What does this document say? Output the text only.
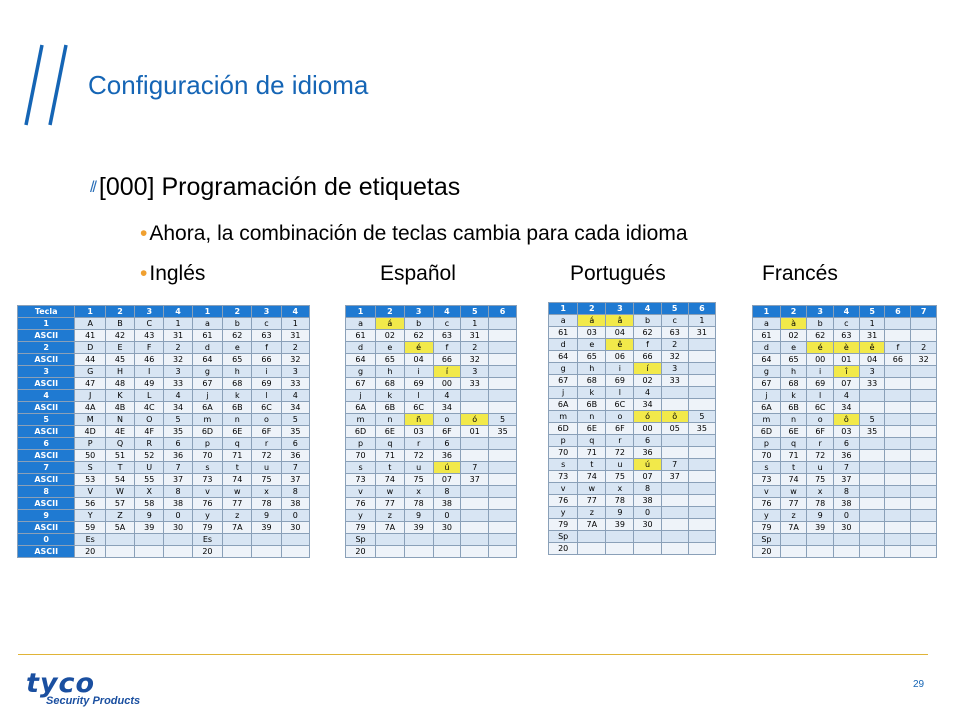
Configuración de idioma
// [000] Programación de etiquetas
•Ahora, la combinación de teclas cambia para cada idioma
•Inglés	Español	Portugués	Francés
Tecla	1	2	3	4	1	2	3	4
1	A	B	C	1	a	b	c	1
ASCII	41	42	43	31	61	62	63	31
2	D	E	F	2	d	e	f	2
ASCII	44	45	46	32	64	65	66	32
3	G	H	I	3	g	h	i	3
ASCII	47	48	49	33	67	68	69	33
4	J	K	L	4	j	k	l	4
ASCII	4A	4B	4C	34	6A	6B	6C	34
5	M	N	O	5	m	n	o	5
ASCII	4D	4E	4F	35	6D	6E	6F	35
6	P	Q	R	6	p	q	r	6
ASCII	50	51	52	36	70	71	72	36
7	S	T	U	7	s	t	u	7
ASCII	53	54	55	37	73	74	75	37
8	V	W	X	8	v	w	x	8
ASCII	56	57	58	38	76	77	78	38
9	Y	Z	9	0	y	z	9	0
ASCII	59	5A	39	30	79	7A	39	30
0	Es				Es			
ASCII	20				20			
1	2	3	4	5	6
a	á	b	c	1	
61	02	62	63	31	
d	e	é	f	2	
64	65	04	66	32	
g	h	i	í	3	
67	68	69	00	33	
j	k	l	4		
6A	6B	6C	34		
m	n	ñ	o	ó	5
6D	6E	03	6F	01	35
p	q	r	6		
70	71	72	36		
s	t	u	ú	7	
73	74	75	07	37	
v	w	x	8		
76	77	78	38		
y	z	9	0		
79	7A	39	30		
Sp					
20					
1	2	3	4	5	6
a	á	â	b	c	1
61	03	04	62	63	31
d	e	ê	f	2	
64	65	06	66	32	
g	h	i	í	3	
67	68	69	02	33	
j	k	l	4		
6A	6B	6C	34		
m	n	o	ó	ô	5
6D	6E	6F	00	05	35
p	q	r	6		
70	71	72	36		
s	t	u	ú	7	
73	74	75	07	37	
v	w	x	8		
76	77	78	38		
y	z	9	0		
79	7A	39	30		
Sp					
20					
1	2	3	4	5	6	7
a	à	b	c	1		
61	02	62	63	31		
d	e	é	è	ê	f	2
64	65	00	01	04	66	32
g	h	i	î	3		
67	68	69	07	33		
j	k	l	4			
6A	6B	6C	34			
m	n	o	ô	5		
6D	6E	6F	03	35		
p	q	r	6			
70	71	72	36			
s	t	u	7			
73	74	75	37			
v	w	x	8			
76	77	78	38			
y	z	9	0			
79	7A	39	30			
Sp						
20						
tyco
Security Products
29
